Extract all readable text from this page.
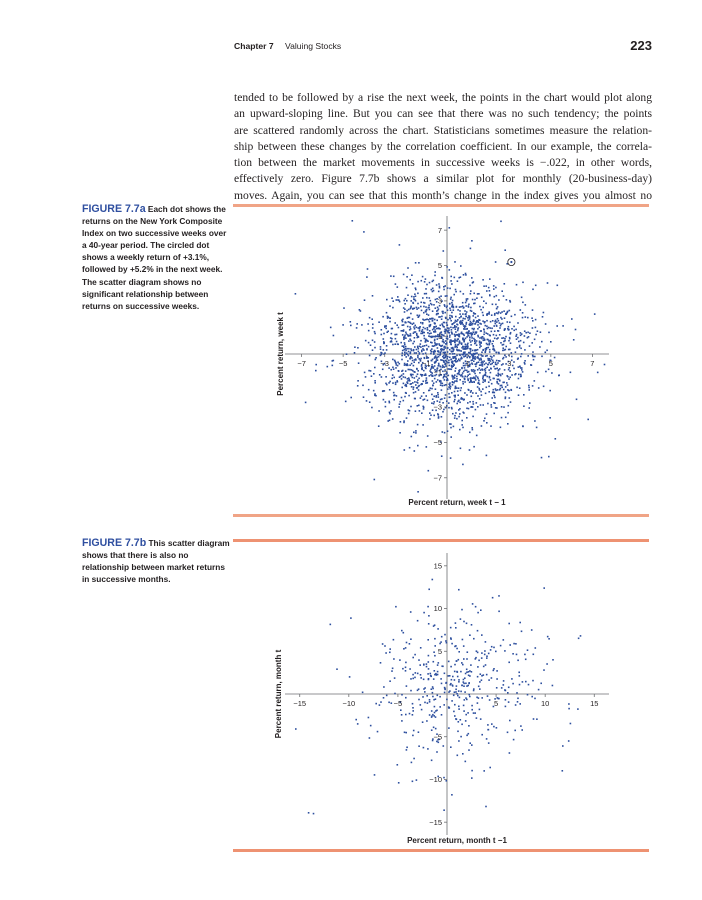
Chapter 7 Valuing Stocks	223
tended to be followed by a rise the next week, the points in the chart would plot along
an upward-sloping line. But you can see that there was no such tendency; the points
are scattered randomly across the chart. Statisticians sometimes measure the relation-
ship between these changes by the correlation coefficient. In our example, the correla-
tion between the market movements in successive weeks is −.022, in other words,
effectively zero. Figure 7.7b shows a similar plot for monthly (20-business-day)
moves. Again, you can see that this month’s change in the index gives you almost no
FIGURE 7.7a Each dot shows the returns on the New York Composite Index on two successive weeks over a 40-year period. The circled dot shows a weekly return of +3.1%, followed by +5.2% in the next week. The scatter diagram shows no significant relationship between returns on successive weeks.
−7	−5	−3	−1	1	3	5	7
7
5
3
1
−1
−3
−5
−7
Percent return, week t − 1
Percent return, week t
FIGURE 7.7b This scatter diagram shows that there is also no relationship between market returns in successive months.
−15	−10	−5	5	10	15
15
10
5
−5
−10
−15
Percent return, month t −1
Percent return, month t
